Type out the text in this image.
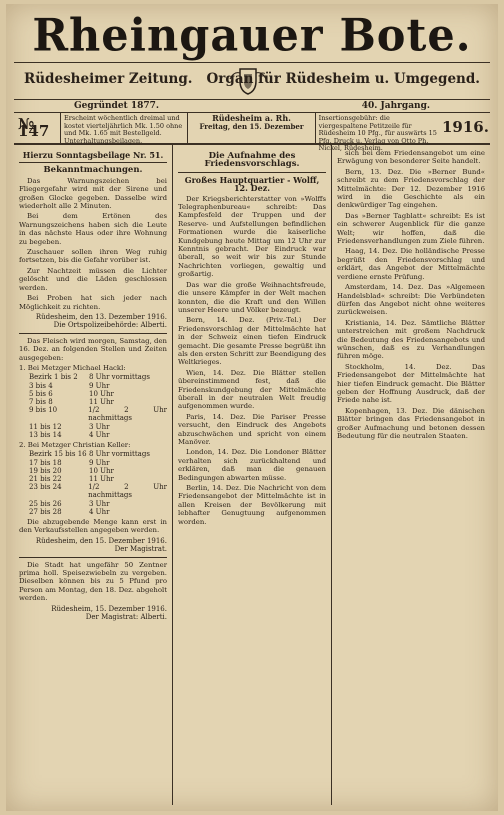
Rheingauer Bote.
Rüdesheimer Zeitung. Organ für Rüdesheim u. Umgegend.
Gegründet 1877.	40. Jahrgang.
№ 147
Erscheint wöchentlich dreimal und kostet vierteljährlich Mk. 1.50 ohne und Mk. 1.65 mit Bestellgeld. Unterhaltungsbeilagen.
Rüdesheim a. Rh.
Freitag, den 15. Dezember
Insertionsgebühr: die viergespaltene Petitzeile für Rüdesheim 10 Pfg., für auswärts 15 Pfg. Druck u. Verlag von Otto Ph. Nickel, Rüdesheim.
1916.
Hierzu Sonntagsbeilage Nr. 51.
Bekanntmachungen.

Das Warnungszeichen bei Fliegergefahr wird mit der Sirene und großen Glocke gegeben. Dasselbe wird wiederholt alle 2 Minuten.

Bei dem Ertönen des Warnungszeichens haben sich die Leute in das nächste Haus oder ihre Wohnung zu begeben.

Zuschauer sollen ihren Weg ruhig fortsetzen, bis die Gefahr vorüber ist.

Zur Nachtzeit müssen die Lichter gelöscht und die Läden geschlossen werden.

Bei Proben hat sich jeder nach Möglichkeit zu richten.

Rüdesheim, den 13. Dezember 1916.
Die Ortspolizeibehörde: Alberti.

Das Fleisch wird morgen, Samstag, den 16. Dez. an folgenden Stellen und Zeiten ausgegeben:

1. Bei Metzger Michael Hackl:
Bezirk 1 bis 2	8 Uhr vormittags
3 bis 4	9 Uhr
5 bis 6	10 Uhr
7 bis 8	11 Uhr
9 bis 10	1/2 2 Uhr nachmittags
11 bis 12	3 Uhr
13 bis 14	4 Uhr
2. Bei Metzger Christian Keller:
Bezirk 15 bis 16 8 Uhr vormittags
17 bis 18	9 Uhr
19 bis 20	10 Uhr
21 bis 22	11 Uhr
23 bis 24	1/2 2 Uhr nachmittags
25 bis 26	3 Uhr
27 bis 28	4 Uhr

Die abzugebende Menge kann erst in den Verkaufsstellen angegeben werden.

Rüdesheim, den 15. Dezember 1916.
Der Magistrat.

Die Stadt hat ungefähr 50 Zentner prima holl. Speisezwiebeln zu vergeben. Dieselben können bis zu 5 Pfund pro Person am Montag, den 18. Dez. abgeholt werden.

Rüdesheim, 15. Dezember 1916.
Der Magistrat: Alberti.
Die Aufnahme des Friedensvorschlags.
Großes Hauptquartier - Wolff, 12. Dez.

Der Kriegsberichterstatter von »Wolffs Telegraphenbureau« schreibt: Das Kampfesfeld der Truppen und der Reserve- und Aufstellungen befindlichen Formationen wurde die kaiserliche Kundgebung heute Mittag um 12 Uhr zur Kenntnis gebracht. Der Eindruck war überall, so weit wir bis zur Stunde Nachrichten vorliegen, gewaltig und großartig.

Das war die große Weihnachtsfreude, die unsere Kämpfer in der Welt machen konnten, die die Kraft und den Willen unserer Heere und Völker bezeugt.

Bern, 14. Dez. (Priv.-Tel.) Der Friedensvorschlag der Mittelmächte hat in der Schweiz einen tiefen Eindruck gemacht. Die gesamte Presse begrüßt ihn als den ersten Schritt zur Beendigung des Weltkrieges.

Wien, 14. Dez. Die Blätter stellen übereinstimmend fest, daß die Friedenskundgebung der Mittelmächte überall in der neutralen Welt freudig aufgenommen wurde.

Paris, 14. Dez. Die Pariser Presse versucht, den Eindruck des Angebots abzuschwächen und spricht von einem Manöver.

London, 14. Dez. Die Londoner Blätter verhalten sich zurückhaltend und erklären, daß man die genauen Bedingungen abwarten müsse.

Berlin, 14. Dez. Die Nachricht von dem Friedensangebot der Mittelmächte ist in allen Kreisen der Bevölkerung mit lebhafter Genugtuung aufgenommen worden.

sich bei dem Friedensangebot um eine Erwägung von besonderer Seite handelt.

Bern, 13. Dez. Die »Berner Bund« schreibt zu dem Friedensvorschlag der Mittelmächte: Der 12. Dezember 1916 wird in die Geschichte als ein denkwürdiger Tag eingehen.

Das »Berner Tagblatt« schreibt: Es ist ein schwerer Augenblick für die ganze Welt; wir hoffen, daß die Friedensverhandlungen zum Ziele führen.

Haag, 14. Dez. Die holländische Presse begrüßt den Friedensvorschlag und erklärt, das Angebot der Mittelmächte verdiene ernste Prüfung.

Amsterdam, 14. Dez. Das »Algemeen Handelsblad« schreibt: Die Verbündeten dürfen das Angebot nicht ohne weiteres zurückweisen.

Kristiania, 14. Dez. Sämtliche Blätter unterstreichen mit großem Nachdruck die Bedeutung des Friedensangebots und wünschen, daß es zu Verhandlungen führen möge.

Stockholm, 14. Dez. Das Friedensangebot der Mittelmächte hat hier tiefen Eindruck gemacht. Die Blätter geben der Hoffnung Ausdruck, daß der Friede nahe ist.

Kopenhagen, 13. Dez. Die dänischen Blätter bringen das Friedensangebot in großer Aufmachung und betonen dessen Bedeutung für die neutralen Staaten.
